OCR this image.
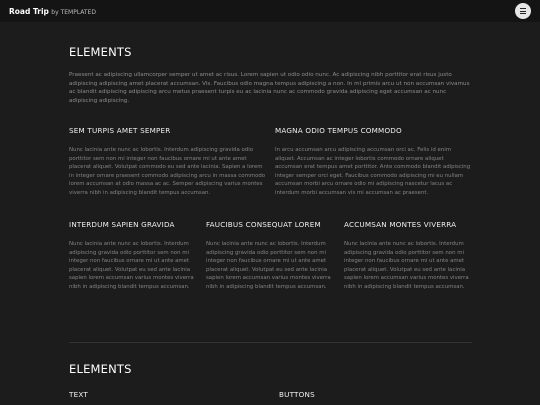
Road Trip by TEMPLATED
ELEMENTS

Praesent ac adipiscing ullamcorper semper ut amet ac risus. Lorem sapien ut odio odio nunc. Ac adipiscing nibh porttitor erat risus justo adipiscing adipiscing amet placerat accumsan. Vis. Faucibus odio magna tempus adipiscing a non. In mi primis arcu ut non accumsan vivamus ac blandit adipiscing adipiscing arcu metus praesent turpis eu ac lacinia nunc ac commodo gravida adipiscing eget accumsan ac nunc adipiscing adipiscing.

SEM TURPIS AMET SEMPER

Nunc lacinia ante nunc ac lobortis. Interdum adipiscing gravida odio porttitor sem non mi integer non faucibus ornare mi ut ante amet placerat aliquet. Volutpat commodo eu sed ante lacinia. Sapien a lorem in integer ornare praesent commodo adipiscing arcu in massa commodo lorem accumsan at odio massa ac ac. Semper adipiscing varius montes viverra nibh in adipiscing blandit tempus accumsan.

MAGNA ODIO TEMPUS COMMODO

In arcu accumsan arcu adipiscing accumsan orci ac. Felis id enim aliquet. Accumsan ac integer lobortis commodo ornare aliquet accumsan erat tempus amet porttitor. Ante commodo blandit adipiscing integer semper orci eget. Faucibus commodo adipiscing mi eu nullam accumsan morbi arcu ornare odio mi adipiscing nascetur lacus ac interdum morbi accumsan vis mi accumsan ac praesent.

INTERDUM SAPIEN GRAVIDA

Nunc lacinia ante nunc ac lobortis. Interdum adipiscing gravida odio porttitor sem non mi integer non faucibus ornare mi ut ante amet placerat aliquet. Volutpat eu sed ante lacinia sapien lorem accumsan varius montes viverra nibh in adipiscing blandit tempus accumsan.

FAUCIBUS CONSEQUAT LOREM

Nunc lacinia ante nunc ac lobortis. Interdum adipiscing gravida odio porttitor sem non mi integer non faucibus ornare mi ut ante amet placerat aliquet. Volutpat eu sed ante lacinia sapien lorem accumsan varius montes viverra nibh in adipiscing blandit tempus accumsan.

ACCUMSAN MONTES VIVERRA

Nunc lacinia ante nunc ac lobortis. Interdum adipiscing gravida odio porttitor sem non mi integer non faucibus ornare mi ut ante amet placerat aliquet. Volutpat eu sed ante lacinia sapien lorem accumsan varius montes viverra nibh in adipiscing blandit tempus accumsan.

ELEMENTS
TEXT	BUTTONS
